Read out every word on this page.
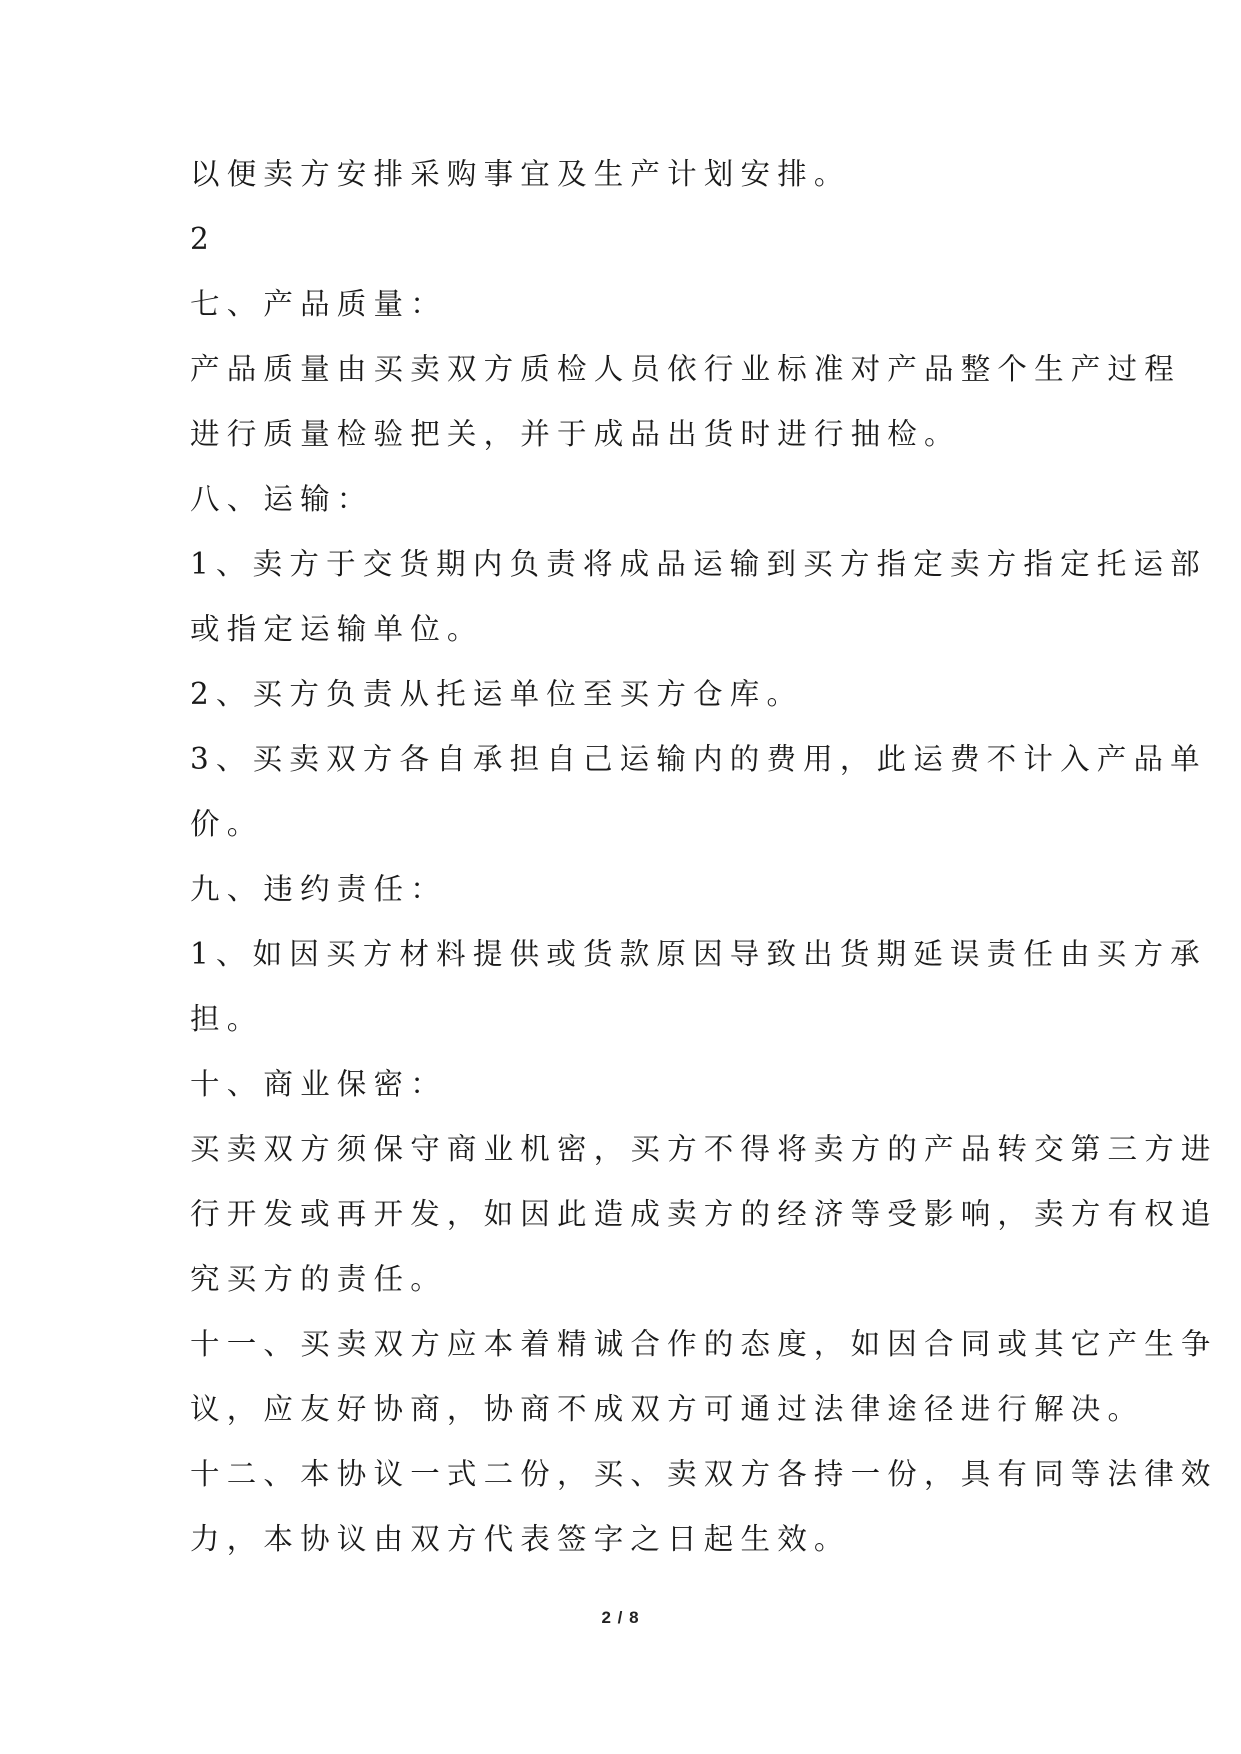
以便卖方安排采购事宜及生产计划安排。
2
七、产品质量：
产品质量由买卖双方质检人员依行业标准对产品整个生产过程
进行质量检验把关，并于成品出货时进行抽检。
八、运输：
1、卖方于交货期内负责将成品运输到买方指定卖方指定托运部
或指定运输单位。
2、买方负责从托运单位至买方仓库。
3、买卖双方各自承担自己运输内的费用，此运费不计入产品单
价。
九、违约责任：
1、如因买方材料提供或货款原因导致出货期延误责任由买方承
担。
十、商业保密：
买卖双方须保守商业机密，买方不得将卖方的产品转交第三方进
行开发或再开发，如因此造成卖方的经济等受影响，卖方有权追
究买方的责任。
十一、买卖双方应本着精诚合作的态度，如因合同或其它产生争
议，应友好协商，协商不成双方可通过法律途径进行解决。
十二、本协议一式二份，买、卖双方各持一份，具有同等法律效
力，本协议由双方代表签字之日起生效。
2 / 8
